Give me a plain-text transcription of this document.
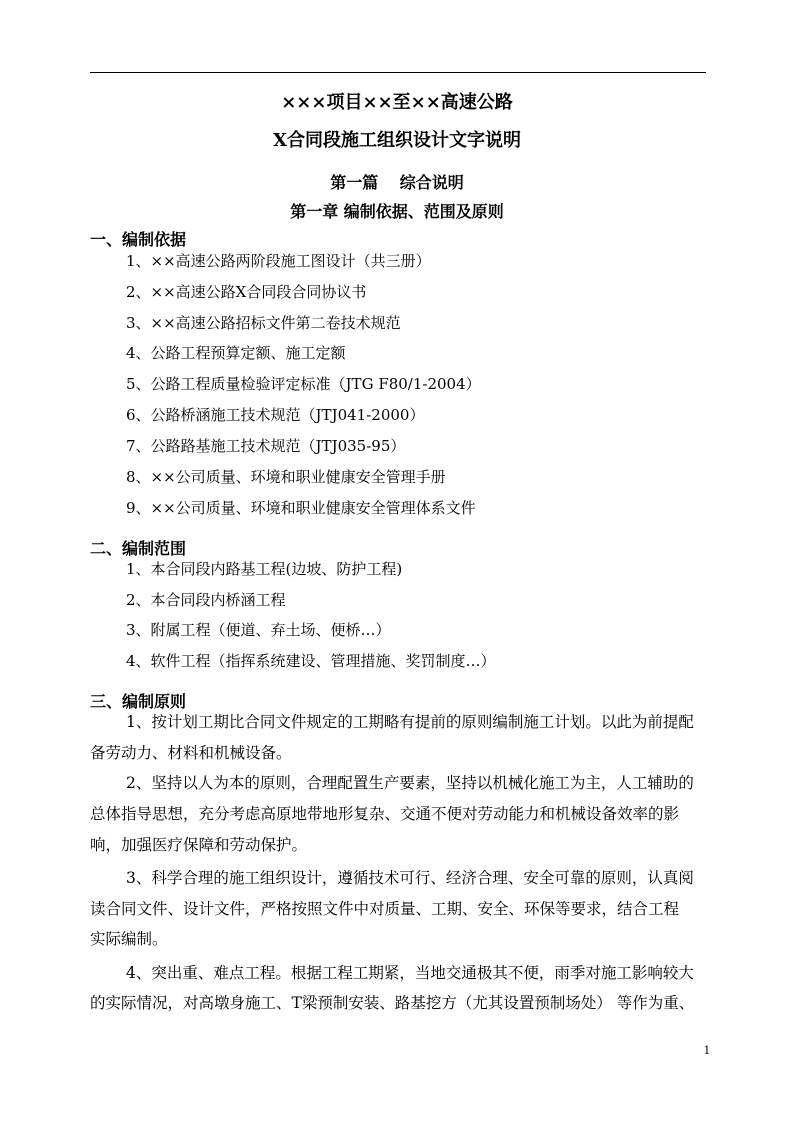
×××项目××至××高速公路
X合同段施工组织设计文字说明
第一篇　 综合说明
第一章 编制依据、范围及原则
一、编制依据
1、××高速公路两阶段施工图设计（共三册）
2、××高速公路X合同段合同协议书
3、××高速公路招标文件第二卷技术规范
4、公路工程预算定额、施工定额
5、公路工程质量检验评定标准（JTG F80/1-2004）
6、公路桥涵施工技术规范（JTJ041-2000）
7、公路路基施工技术规范（JTJ035-95）
8、××公司质量、环境和职业健康安全管理手册
9、××公司质量、环境和职业健康安全管理体系文件
二、编制范围
1、本合同段内路基工程(边坡、防护工程)
2、本合同段内桥涵工程
3、附属工程（便道、弃土场、便桥…）
4、软件工程（指挥系统建设、管理措施、奖罚制度…）
三、编制原则
1、按计划工期比合同文件规定的工期略有提前的原则编制施工计划。以此为前提配
备劳动力、材料和机械设备。
2、坚持以人为本的原则，合理配置生产要素，坚持以机械化施工为主，人工辅助的
总体指导思想，充分考虑高原地带地形复杂、交通不便对劳动能力和机械设备效率的影
响，加强医疗保障和劳动保护。
3、科学合理的施工组织设计，遵循技术可行、经济合理、安全可靠的原则，认真阅
读合同文件、设计文件，严格按照文件中对质量、工期、安全、环保等要求，结合工程
实际编制。
4、突出重、难点工程。根据工程工期紧，当地交通极其不便，雨季对施工影响较大
的实际情况，对高墩身施工、T梁预制安装、路基挖方（尤其设置预制场处） 等作为重、
1
